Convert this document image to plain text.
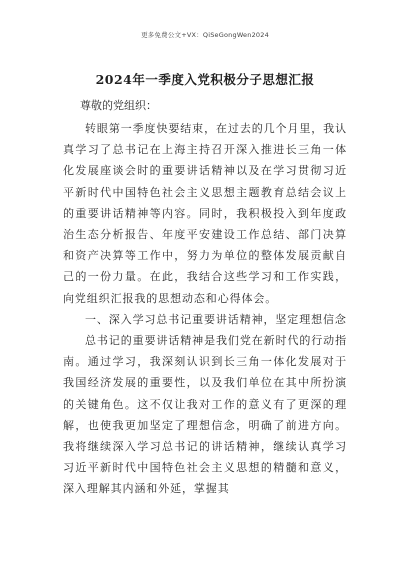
更多免费公文+VX：QiSeGongWen2024
2024年一季度入党积极分子思想汇报
尊敬的党组织：

转眼第一季度快要结束，在过去的几个月里，我认真学习了总书记在上海主持召开深入推进长三角一体化发展座谈会时的重要讲话精神以及在学习贯彻习近平新时代中国特色社会主义思想主题教育总结会议上的重要讲话精神等内容。同时，我积极投入到年度政治生态分析报告、年度平安建设工作总结、部门决算和资产决算等工作中，努力为单位的整体发展贡献自己的一份力量。在此，我结合这些学习和工作实践，向党组织汇报我的思想动态和心得体会。

一、深入学习总书记重要讲话精神，坚定理想信念

总书记的重要讲话精神是我们党在新时代的行动指南。通过学习，我深刻认识到长三角一体化发展对于我国经济发展的重要性，以及我们单位在其中所扮演的关键角色。这不仅让我对工作的意义有了更深的理解，也使我更加坚定了理想信念，明确了前进方向。我将继续深入学习总书记的讲话精神，继续认真学习习近平新时代中国特色社会主义思想的精髓和意义，深入理解其内涵和外延，掌握其
